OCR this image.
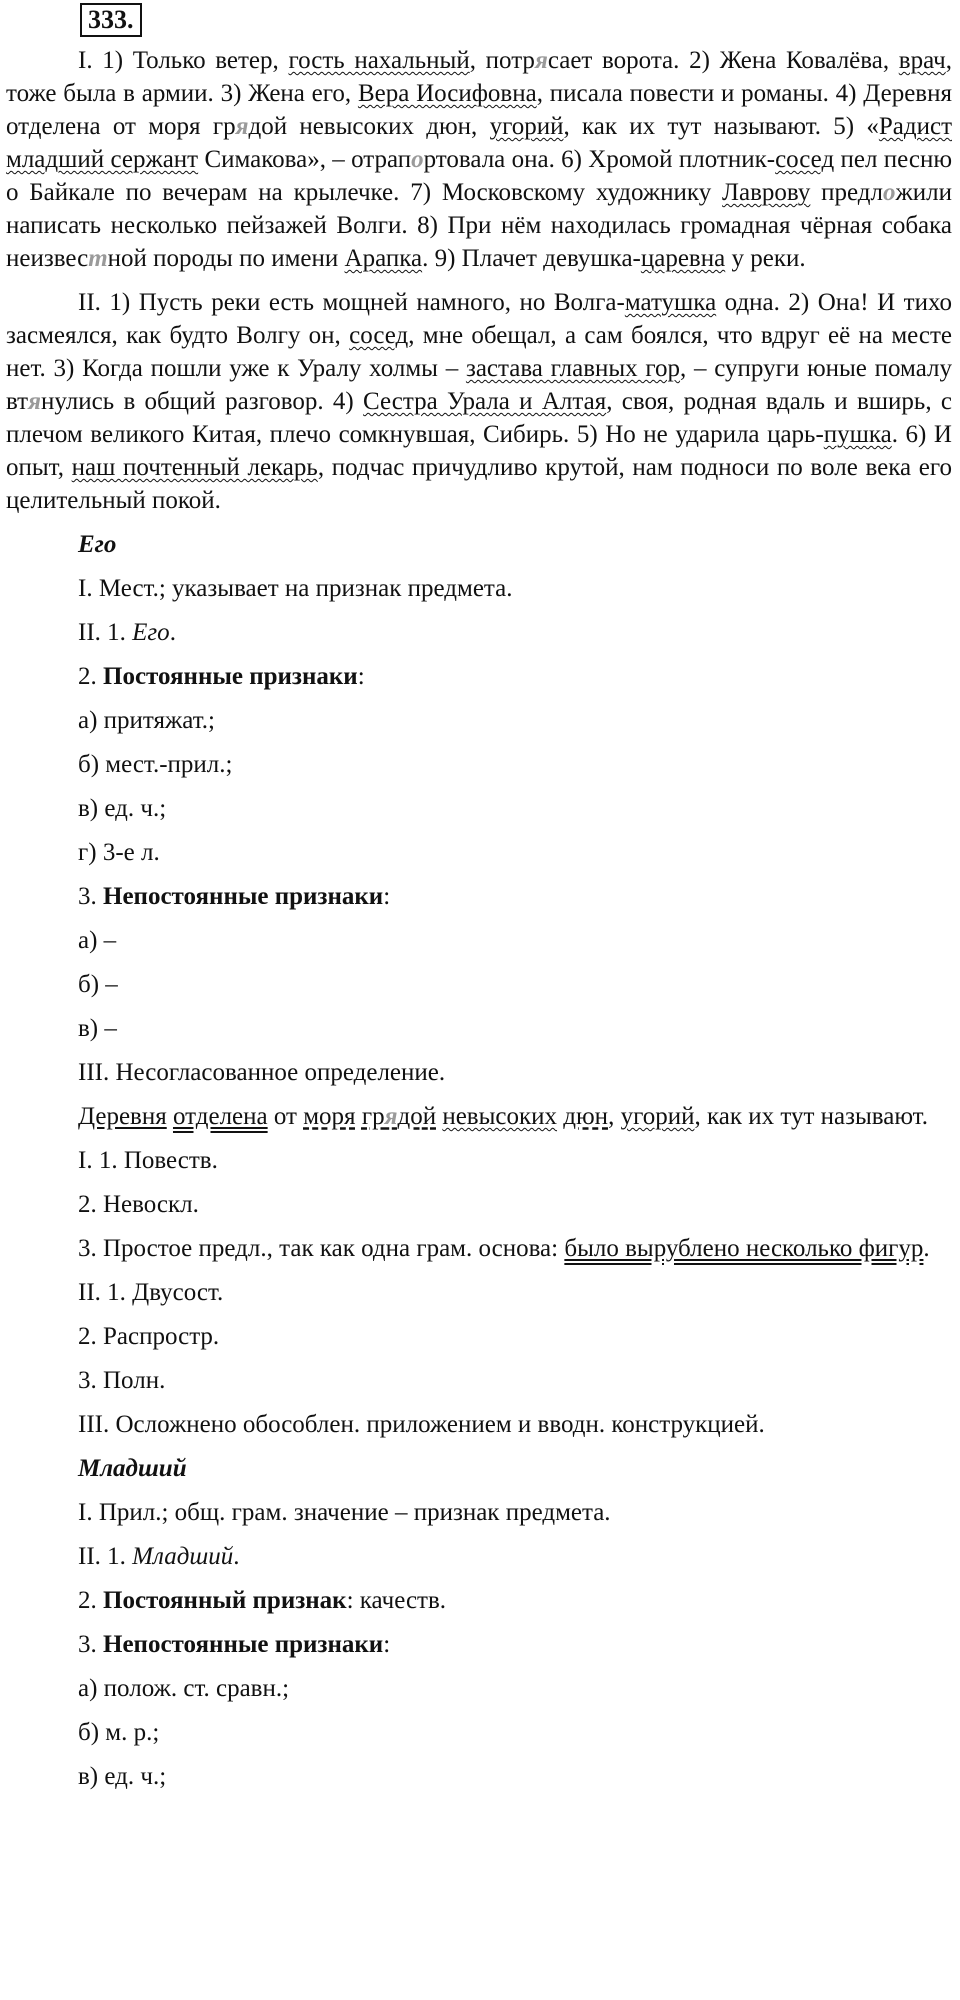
333.

I. 1) Только ветер, гость нахальный, потрясает ворота. 2) Жена Ковалёва, врач, тоже была в армии. 3) Жена его, Вера Иосифовна, писала повести и романы. 4) Деревня отделена от моря грядой невысоких дюн, угорий, как их тут называют. 5) «Радист младший сержант Симакова», – отрапортовала она. 6) Хромой плотник-сосед пел песню о Байкале по вечерам на крылечке. 7) Московскому художнику Лаврову предложили написать несколько пейзажей Волги. 8) При нём находилась громадная чёрная собака неизвестной породы по имени Арапка. 9) Плачет девушка-царевна у реки.

II. 1) Пусть реки есть мощней намного, но Волга-матушка одна. 2) Она! И тихо засмеялся, как будто Волгу он, сосед, мне обещал, а сам боялся, что вдруг её на месте нет. 3) Когда пошли уже к Уралу холмы – застава главных гор, – супруги юные помалу втянулись в общий разговор. 4) Сестра Урала и Алтая, своя, родная вдаль и вширь, с плечом великого Китая, плечо сомкнувшая, Сибирь. 5) Но не ударила царь-пушка. 6) И опыт, наш почтенный лекарь, подчас причудливо крутой, нам подноси по воле века его целительный покой.

Его

I. Мест.; указывает на признак предмета.

II. 1. Его.

2. Постоянные признаки:

а) притяжат.;

б) мест.-прил.;

в) ед. ч.;

г) 3-е л.

3. Непостоянные признаки:

а) –

б) –

в) –

III. Несогласованное определение.

Деревня отделена от моря грядой невысоких дюн, угорий, как их тут называют.

I. 1. Повеств.

2. Невоскл.

3. Простое предл., так как одна грам. основа: было вырублено несколько фигур.

II. 1. Двусост.

2. Распростр.

3. Полн.

III. Осложнено обособлен. приложением и вводн. конструкцией.

Младший

I. Прил.; общ. грам. значение – признак предмета.

II. 1. Младший.

2. Постоянный признак: качеств.

3. Непостоянные признаки:

а) полож. ст. сравн.;

б) м. р.;

в) ед. ч.;
